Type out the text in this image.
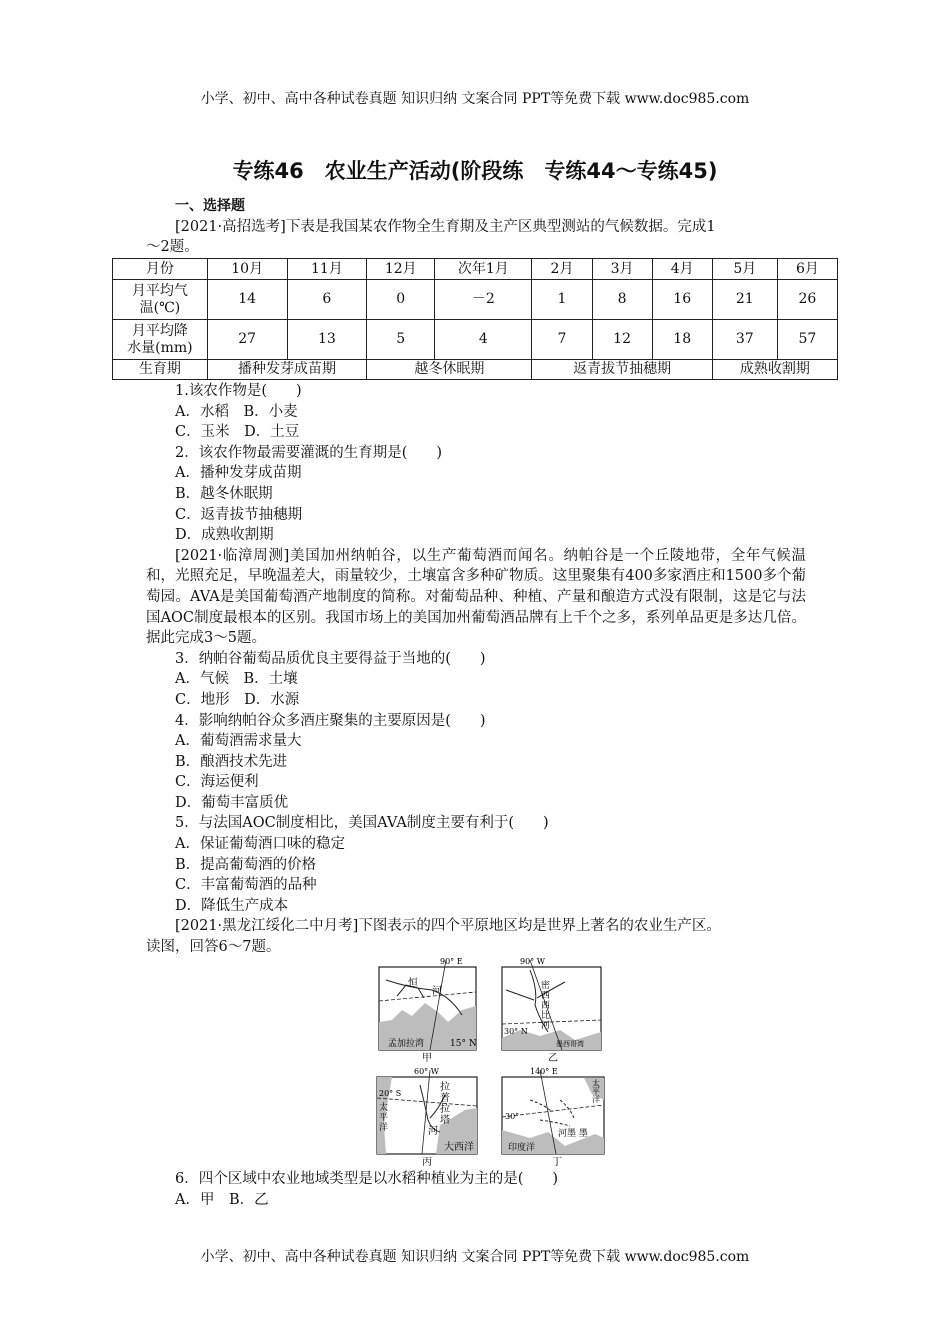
小学、初中、高中各种试卷真题 知识归纳 文案合同 PPT等免费下载 www.doc985.com
专练46　农业生产活动(阶段练　专练44～专练45)

一、选择题

[2021·高招选考]下表是我国某农作物全生育期及主产区典型测站的气候数据。完成1

～2题。

月份	10月	11月	12月	次年1月	2月	3月	4月	5月	6月
月平均气
温(℃)	14	6	0	－2	1	8	16	21	26
月平均降
水量(mm)	27	13	5	4	7	12	18	37	57
生育期	播种发芽成苗期		越冬休眠期		返青拔节抽穗期			成熟收割期	

1.该农作物是(　　)

A．水稻　B．小麦

C．玉米　D．土豆

2．该农作物最需要灌溉的生育期是(　　)

A．播种发芽成苗期

B．越冬休眠期

C．返青拔节抽穗期

D．成熟收割期

[2021·临漳周测]美国加州纳帕谷，以生产葡萄酒而闻名。纳帕谷是一个丘陵地带，全年气候温和，光照充足，早晚温差大，雨量较少，土壤富含多种矿物质。这里聚集有400多家酒庄和1500多个葡萄园。AVA是美国葡萄酒产地制度的简称。对葡萄品种、种植、产量和酿造方式没有限制，这是它与法国AOC制度最根本的区别。我国市场上的美国加州葡萄酒品牌有上千个之多，系列单品更是多达几倍。据此完成3～5题。

3．纳帕谷葡萄品质优良主要得益于当地的(　　)

A．气候　B．土壤

C．地形　D．水源

4．影响纳帕谷众多酒庄聚集的主要原因是(　　)

A．葡萄酒需求量大

B．酿酒技术先进

C．海运便利

D．葡萄丰富质优

5．与法国AOC制度相比，美国AVA制度主要有利于(　　)

A．保证葡萄酒口味的稳定

B．提高葡萄酒的价格

C．丰富葡萄酒的品种

D．降低生产成本

[2021·黑龙江绥化二中月考]下图表示的四个平原地区均是世界上著名的农业生产区。

读图，回答6～7题。

90° E
恒
河
孟加拉湾	15° N
甲
90° W
密
西
西
比
河
30° N
墨西哥湾
乙
60° W
20° S
太
平
洋
拉
普
拉
塔
河
大西洋
丙
140° E
太
平
洋
30°
河墨 墨
印度洋
丁

6．四个区域中农业地域类型是以水稻种植业为主的是(　　)

A．甲　B．乙

小学、初中、高中各种试卷真题 知识归纳 文案合同 PPT等免费下载 www.doc985.com
